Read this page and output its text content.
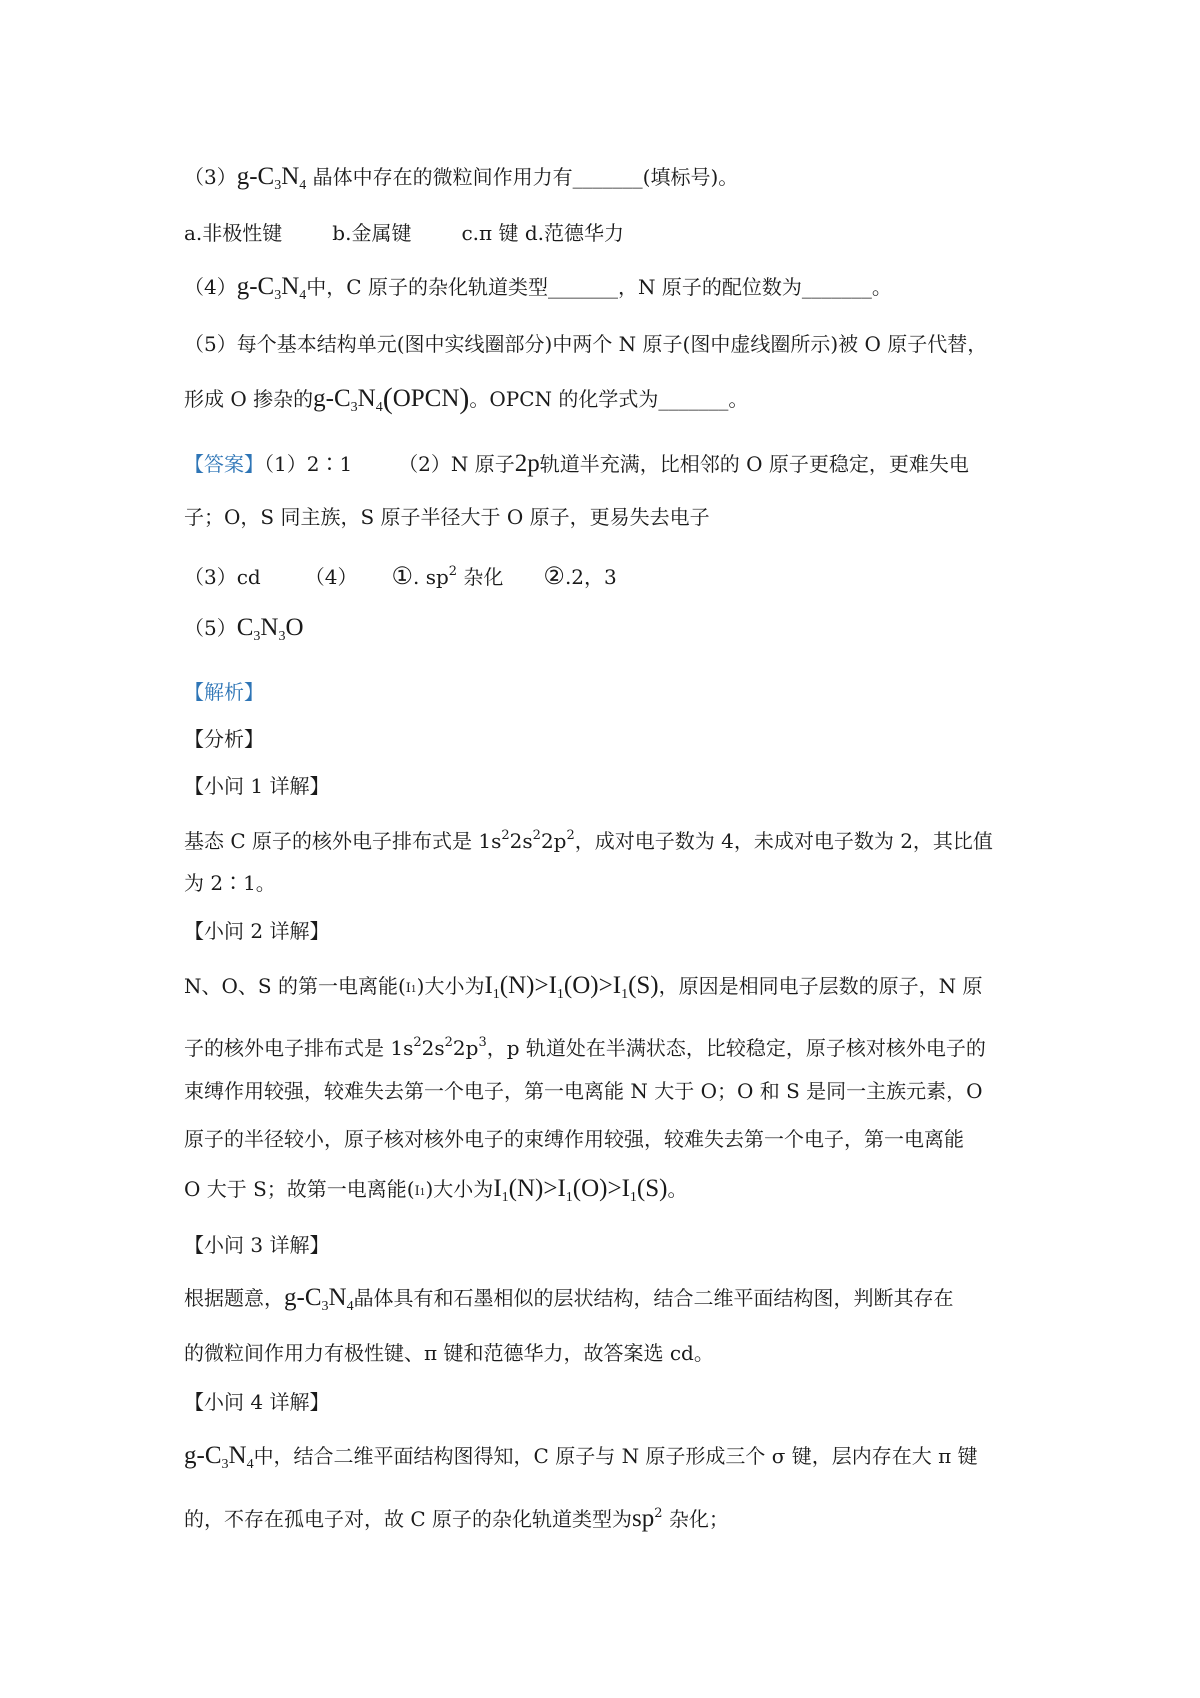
$(3)g-C_3N_4$ 晶体中存在的微粒间作用力有_______(填标号)。
a.非极性键	b.金属键	c.π 键 d.范德华力
$(4)g-C_3N_4$中，C 原子的杂化轨道类型_______，N 原子的配位数为_______。
（5）每个基本结构单元(图中实线圈部分)中两个 N 原子(图中虚线圈所示)被 O 原子代替，
形成 O 掺杂的$g-C_3N_4(OPCN)$。OPCN 的化学式为_______。
【答案】（1）2∶1 （2）N 原子2p轨道半充满，比相邻的 O 原子更稳定，更难失电
子；O，S 同主族，S 原子半径大于 O 原子，更易失去电子
（3）cd （4） ①. $sp^2$ 杂化 ②.2，3
$(5)C_3N_3O$
【解析】
【分析】
【小问 1 详解】
基态 C 原子的核外电子排布式是 $1s^22s^22p^2$，成对电子数为 4，未成对电子数为 2，其比值
为 2∶1。
【小问 2 详解】
N、O、S 的第一电离能(I1)大小为$I_1(N)>I_1(O)>I_1(S)$，原因是相同电子层数的原子，N 原
子的核外电子排布式是 $1s^22s^22p^3$，p 轨道处在半满状态，比较稳定，原子核对核外电子的
束缚作用较强，较难失去第一个电子，第一电离能 N 大于 O；O 和 S 是同一主族元素，O
原子的半径较小，原子核对核外电子的束缚作用较强，较难失去第一个电子，第一电离能
O 大于 S；故第一电离能(I1)大小为$I_1(N)>I_1(O)>I_1(S)$。
【小问 3 详解】
根据题意，$g-C_3N_4$晶体具有和石墨相似的层状结构，结合二维平面结构图，判断其存在
的微粒间作用力有极性键、π 键和范德华力，故答案选 cd。
【小问 4 详解】
$g-C_3N_4$中，结合二维平面结构图得知，C 原子与 N 原子形成三个 σ 键，层内存在大 π 键
的，不存在孤电子对，故 C 原子的杂化轨道类型为$sp^2$ 杂化；
